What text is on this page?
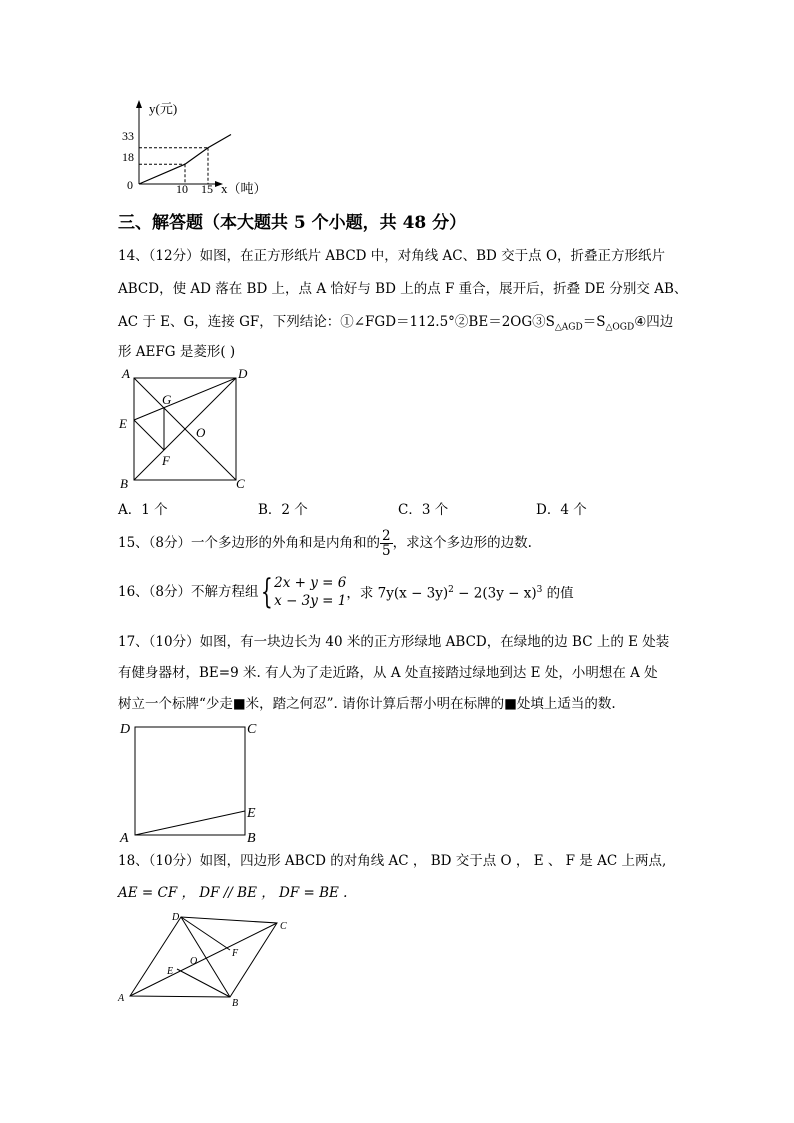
y(元)
x（吨）
0
33
18
10 15
三、解答题（本大题共 5 个小题，共 48 分）
14、（12分）如图，在正方形纸片 ABCD 中，对角线 AC、BD 交于点 O，折叠正方形纸片
ABCD，使 AD 落在 BD 上，点 A 恰好与 BD 上的点 F 重合，展开后，折叠 DE 分别交 AB、
AC 于 E、G，连接 GF，下列结论：$①\angle FGD=112.5^\circ ②BE=2OG③S_{\triangle AGD}=S_{\triangle OGD}④$四边
形 AEFG 是菱形( )
A	D
G
E
O
F
B	C
A．1 个	B．2 个	C．3 个	D．4 个
15、（8分）一个多边形的外角和是内角和的 $\frac{2}{5}$ ，求这个多边形的边数.
16、（8分）不解方程组{ 2x + y = 6
x − 3y = 1 ，求 $7y(x - 3y)^2 - 2(3y - x)^3$ 的值
17、（10分）如图，有一块边长为 40 米的正方形绿地 ABCD，在绿地的边 BC 上的 E 处装
有健身器材，BE=9 米. 有人为了走近路，从 A 处直接踏过绿地到达 E 处，小明想在 A 处
树立一个标牌“少走■米，踏之何忍”. 请你计算后帮小明在标牌的■处填上适当的数.
D	C
E
A	B
18、（10分）如图，四边形 ABCD 的对角线 AC ， BD 交于点 O ， E 、 F 是 AC 上两点,
AE = CF ， DF // BE ， DF = BE .
D
C
O
F
E
A	B
